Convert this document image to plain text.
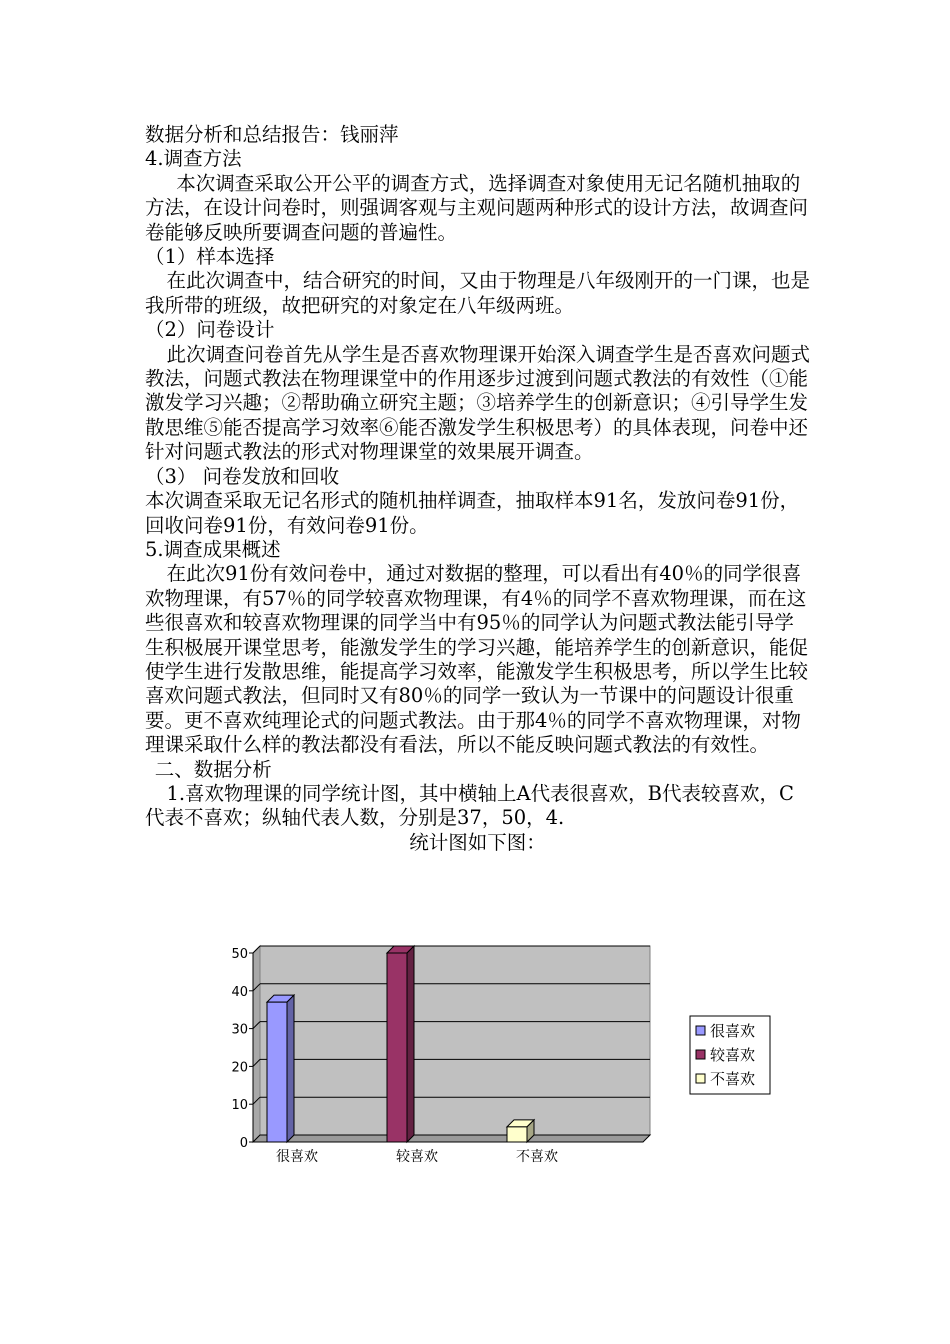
数据分析和总结报告：钱丽萍

4.调查方法

本次调查采取公开公平的调查方式，选择调查对象使用无记名随机抽取的方法，在设计问卷时，则强调客观与主观问题两种形式的设计方法，故调查问卷能够反映所要调查问题的普遍性。

（1）样本选择

在此次调查中，结合研究的时间，又由于物理是八年级刚开的一门课，也是我所带的班级，故把研究的对象定在八年级两班。

（2）问卷设计

此次调查问卷首先从学生是否喜欢物理课开始深入调查学生是否喜欢问题式教法，问题式教法在物理课堂中的作用逐步过渡到问题式教法的有效性（①能激发学习兴趣；②帮助确立研究主题；③培养学生的创新意识；④引导学生发散思维⑤能否提高学习效率⑥能否激发学生积极思考）的具体表现，问卷中还针对问题式教法的形式对物理课堂的效果展开调查。

（3） 问卷发放和回收

本次调查采取无记名形式的随机抽样调查，抽取样本91名，发放问卷91份，回收问卷91份，有效问卷91份。

5.调查成果概述

在此次91份有效问卷中，通过对数据的整理，可以看出有40％的同学很喜欢物理课，有57％的同学较喜欢物理课，有4％的同学不喜欢物理课，而在这些很喜欢和较喜欢物理课的同学当中有95％的同学认为问题式教法能引导学生积极展开课堂思考，能激发学生的学习兴趣，能培养学生的创新意识，能促使学生进行发散思维，能提高学习效率，能激发学生积极思考，所以学生比较喜欢问题式教法，但同时又有80％的同学一致认为一节课中的问题设计很重要。更不喜欢纯理论式的问题式教法。由于那4％的同学不喜欢物理课，对物理课采取什么样的教法都没有看法，所以不能反映问题式教法的有效性。

二、数据分析

1.喜欢物理课的同学统计图，其中横轴上A代表很喜欢，B代表较喜欢，C代表不喜欢；纵轴代表人数，分别是37，50，4.

统计图如下图：

0
10
20
30
40
50
很喜欢	较喜欢	不喜欢
很喜欢
较喜欢
不喜欢
